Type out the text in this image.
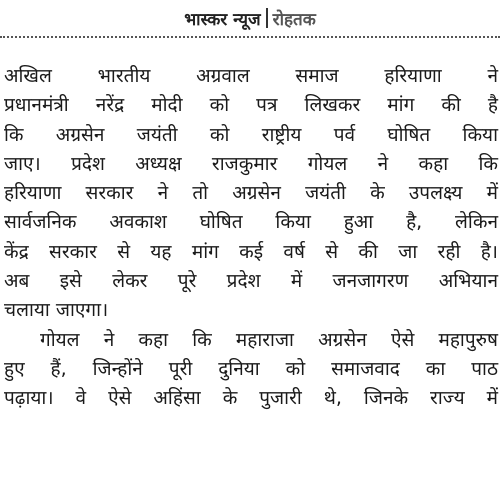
भास्कर न्यूज रोहतक
अखिल भारतीय अग्रवाल समाज हरियाणा ने
प्रधानमंत्री नरेंद्र मोदी को पत्र लिखकर मांग की है
कि अग्रसेन जयंती को राष्ट्रीय पर्व घोषित किया
जाए। प्रदेश अध्यक्ष राजकुमार गोयल ने कहा कि
हरियाणा सरकार ने तो अग्रसेन जयंती के उपलक्ष्य में
सार्वजनिक अवकाश घोषित किया हुआ है, लेकिन
केंद्र सरकार से यह मांग कई वर्ष से की जा रही है।
अब इसे लेकर पूरे प्रदेश में जनजागरण अभियान
चलाया जाएगा।
गोयल ने कहा कि महाराजा अग्रसेन ऐसे महापुरुष
हुए हैं, जिन्होंने पूरी दुनिया को समाजवाद का पाठ
पढ़ाया। वे ऐसे अहिंसा के पुजारी थे, जिनके राज्य में
